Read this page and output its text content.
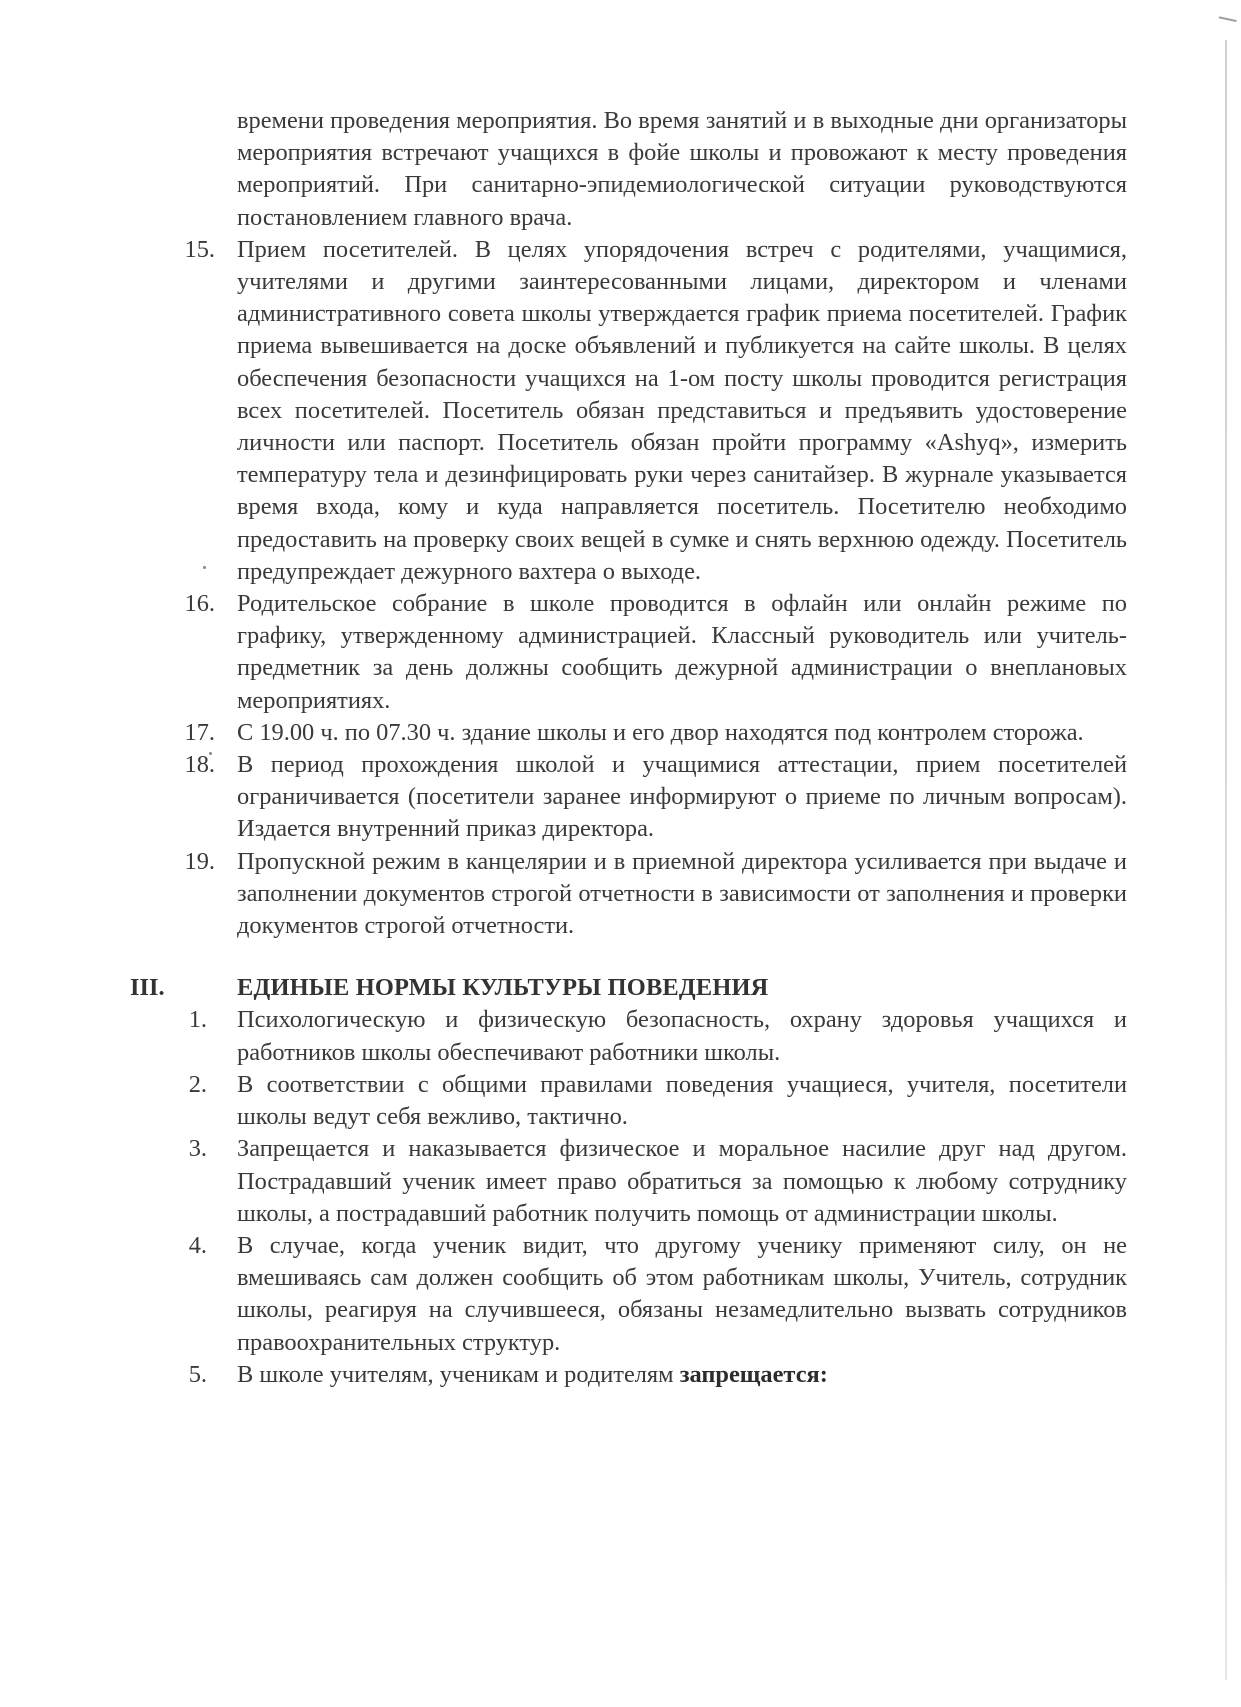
времени проведения мероприятия. Во время занятий и в выходные дни организаторы мероприятия встречают учащихся в фойе школы и провожают к месту проведения мероприятий. При санитарно-эпидемиологической ситуации руководствуются постановлением главного врача.
15. Прием посетителей. В целях упорядочения встреч с родителями, учащимися, учителями и другими заинтересованными лицами, директором и членами административного совета школы утверждается график приема посетителей. График приема вывешивается на доске объявлений и публикуется на сайте школы. В целях обеспечения безопасности учащихся на 1-ом посту школы проводится регистрация всех посетителей. Посетитель обязан представиться и предъявить удостоверение личности или паспорт. Посетитель обязан пройти программу «Ashyq», измерить температуру тела и дезинфицировать руки через санитайзер. В журнале указывается время входа, кому и куда направляется посетитель. Посетителю необходимо предоставить на проверку своих вещей в сумке и снять верхнюю одежду. Посетитель предупреждает дежурного вахтера о выходе.
16. Родительское собрание в школе проводится в офлайн или онлайн режиме по графику, утвержденному администрацией. Классный руководитель или учитель-предметник за день должны сообщить дежурной администрации о внеплановых мероприятиях.
17. С 19.00 ч. по 07.30 ч. здание школы и его двор находятся под контролем сторожа.
18. В период прохождения школой и учащимися аттестации, прием посетителей ограничивается (посетители заранее информируют о приеме по личным вопросам). Издается внутренний приказ директора.
19. Пропускной режим в канцелярии и в приемной директора усиливается при выдаче и заполнении документов строгой отчетности в зависимости от заполнения и проверки документов строгой отчетности.
III.	ЕДИНЫЕ НОРМЫ КУЛЬТУРЫ ПОВЕДЕНИЯ
1.	Психологическую и физическую безопасность, охрану здоровья учащихся и работников школы обеспечивают работники школы.
2.	В соответствии с общими правилами поведения учащиеся, учителя, посетители школы ведут себя вежливо, тактично.
3.	Запрещается и наказывается физическое и моральное насилие друг над другом. Пострадавший ученик имеет право обратиться за помощью к любому сотруднику школы, а пострадавший работник получить помощь от администрации школы.
4.	В случае, когда ученик видит, что другому ученику применяют силу, он не вмешиваясь сам должен сообщить об этом работникам школы, Учитель, сотрудник школы, реагируя на случившееся, обязаны незамедлительно вызвать сотрудников правоохранительных структур.
5.	В школе учителям, ученикам и родителям запрещается:
